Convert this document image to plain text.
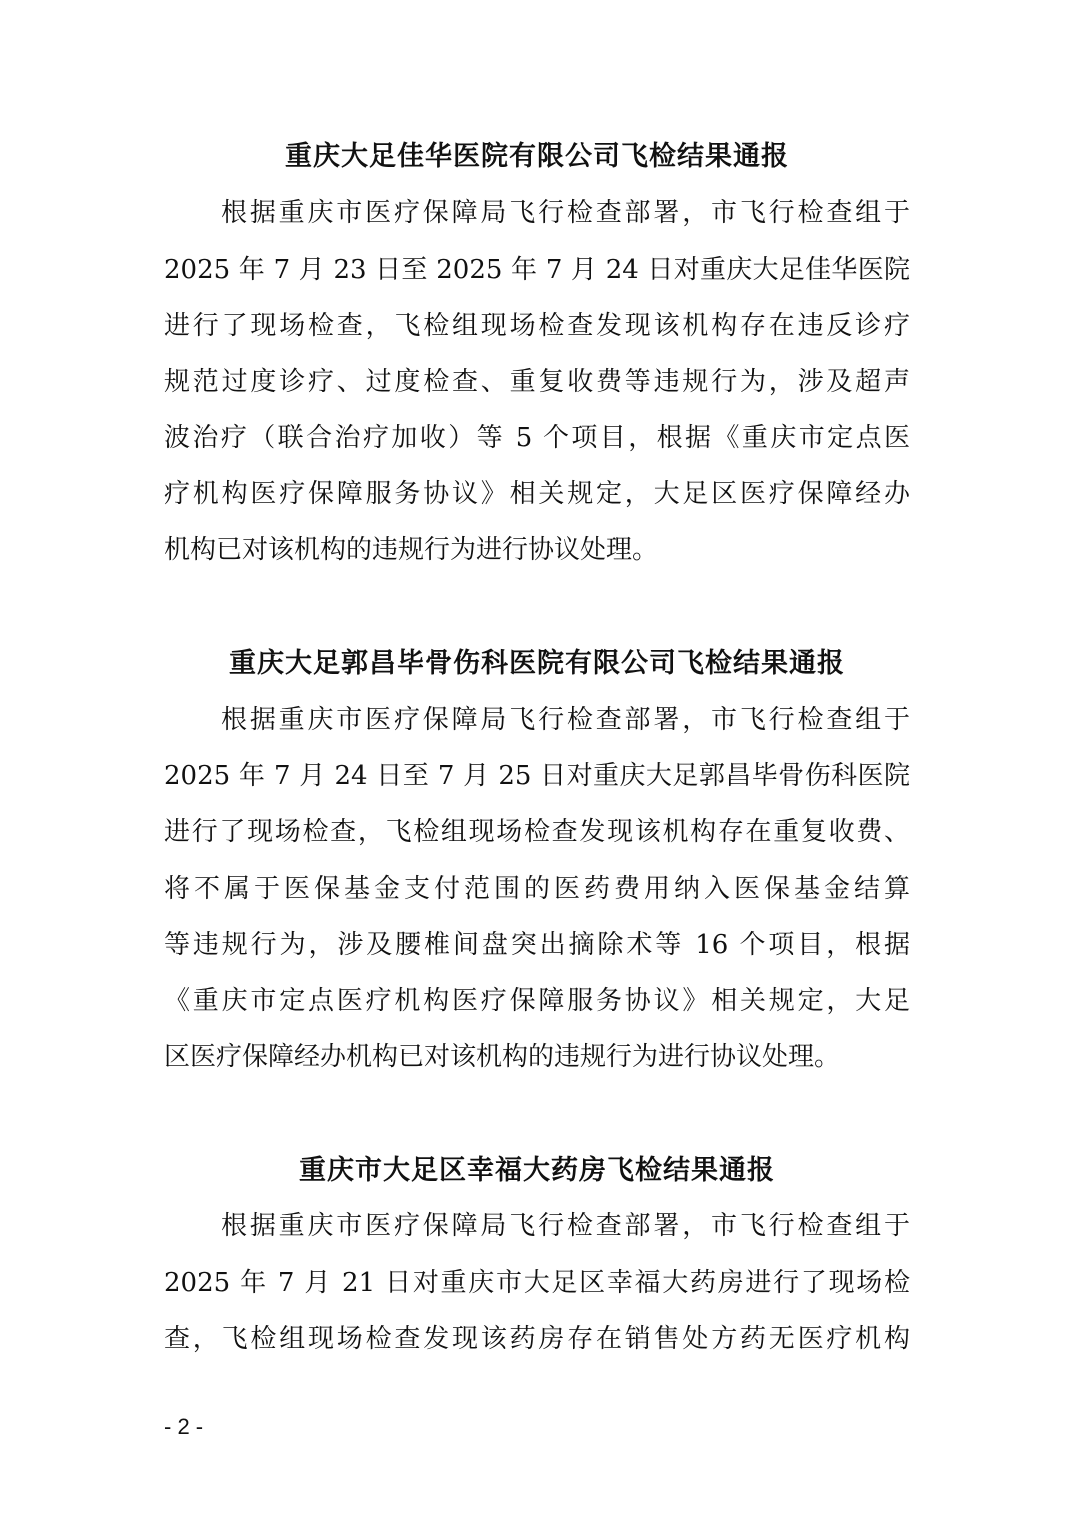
重庆大足佳华医院有限公司飞检结果通报
根据重庆市医疗保障局飞行检查部署，市飞行检查组于
2025 年 7 月 23 日至 2025 年 7 月 24 日对重庆大足佳华医院
进行了现场检查，飞检组现场检查发现该机构存在违反诊疗
规范过度诊疗、过度检查、重复收费等违规行为，涉及超声
波治疗（联合治疗加收）等 5 个项目，根据《重庆市定点医
疗机构医疗保障服务协议》相关规定，大足区医疗保障经办
机构已对该机构的违规行为进行协议处理。
重庆大足郭昌毕骨伤科医院有限公司飞检结果通报
根据重庆市医疗保障局飞行检查部署，市飞行检查组于
2025 年 7 月 24 日至 7 月 25 日对重庆大足郭昌毕骨伤科医院
进行了现场检查，飞检组现场检查发现该机构存在重复收费、
将不属于医保基金支付范围的医药费用纳入医保基金结算
等违规行为，涉及腰椎间盘突出摘除术等 16 个项目，根据
《重庆市定点医疗机构医疗保障服务协议》相关规定，大足
区医疗保障经办机构已对该机构的违规行为进行协议处理。
重庆市大足区幸福大药房飞检结果通报
根据重庆市医疗保障局飞行检查部署，市飞行检查组于
2025 年 7 月 21 日对重庆市大足区幸福大药房进行了现场检
查，飞检组现场检查发现该药房存在销售处方药无医疗机构
- 2 -
